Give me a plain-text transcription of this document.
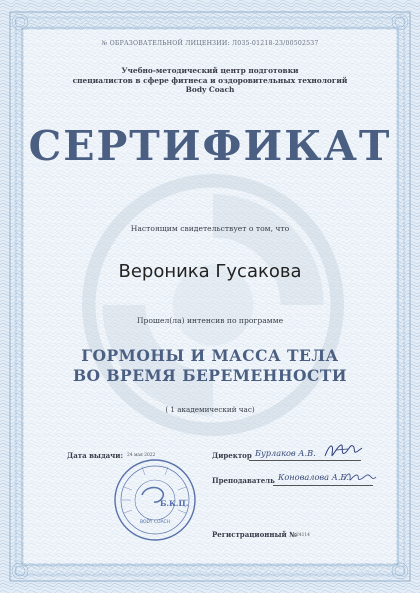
№ ОБРАЗОВАТЕЛЬНОЙ ЛИЦЕНЗИИ: Л035-01218-23/00502537
Учебно-методический центр подготовки
специалистов в сфере фитнеса и оздоровительных технологий
Body Coach
СЕРТИФИКАТ
Настоящим свидетельствует о том, что
Вероника Гусакова
Прошел(ла) интенсив по программе
ГОРМОНЫ И МАССА ТЕЛА
ВО ВРЕМЯ БЕРЕМЕННОСТИ
( 1 академический час)
Дата выдачи: 24 мая 2022	Директор Бурлаков А.В.
Преподаватель Коновалова А.Б.
Регистрационный № 24114
Б.К.Ц.
BODY COACH
